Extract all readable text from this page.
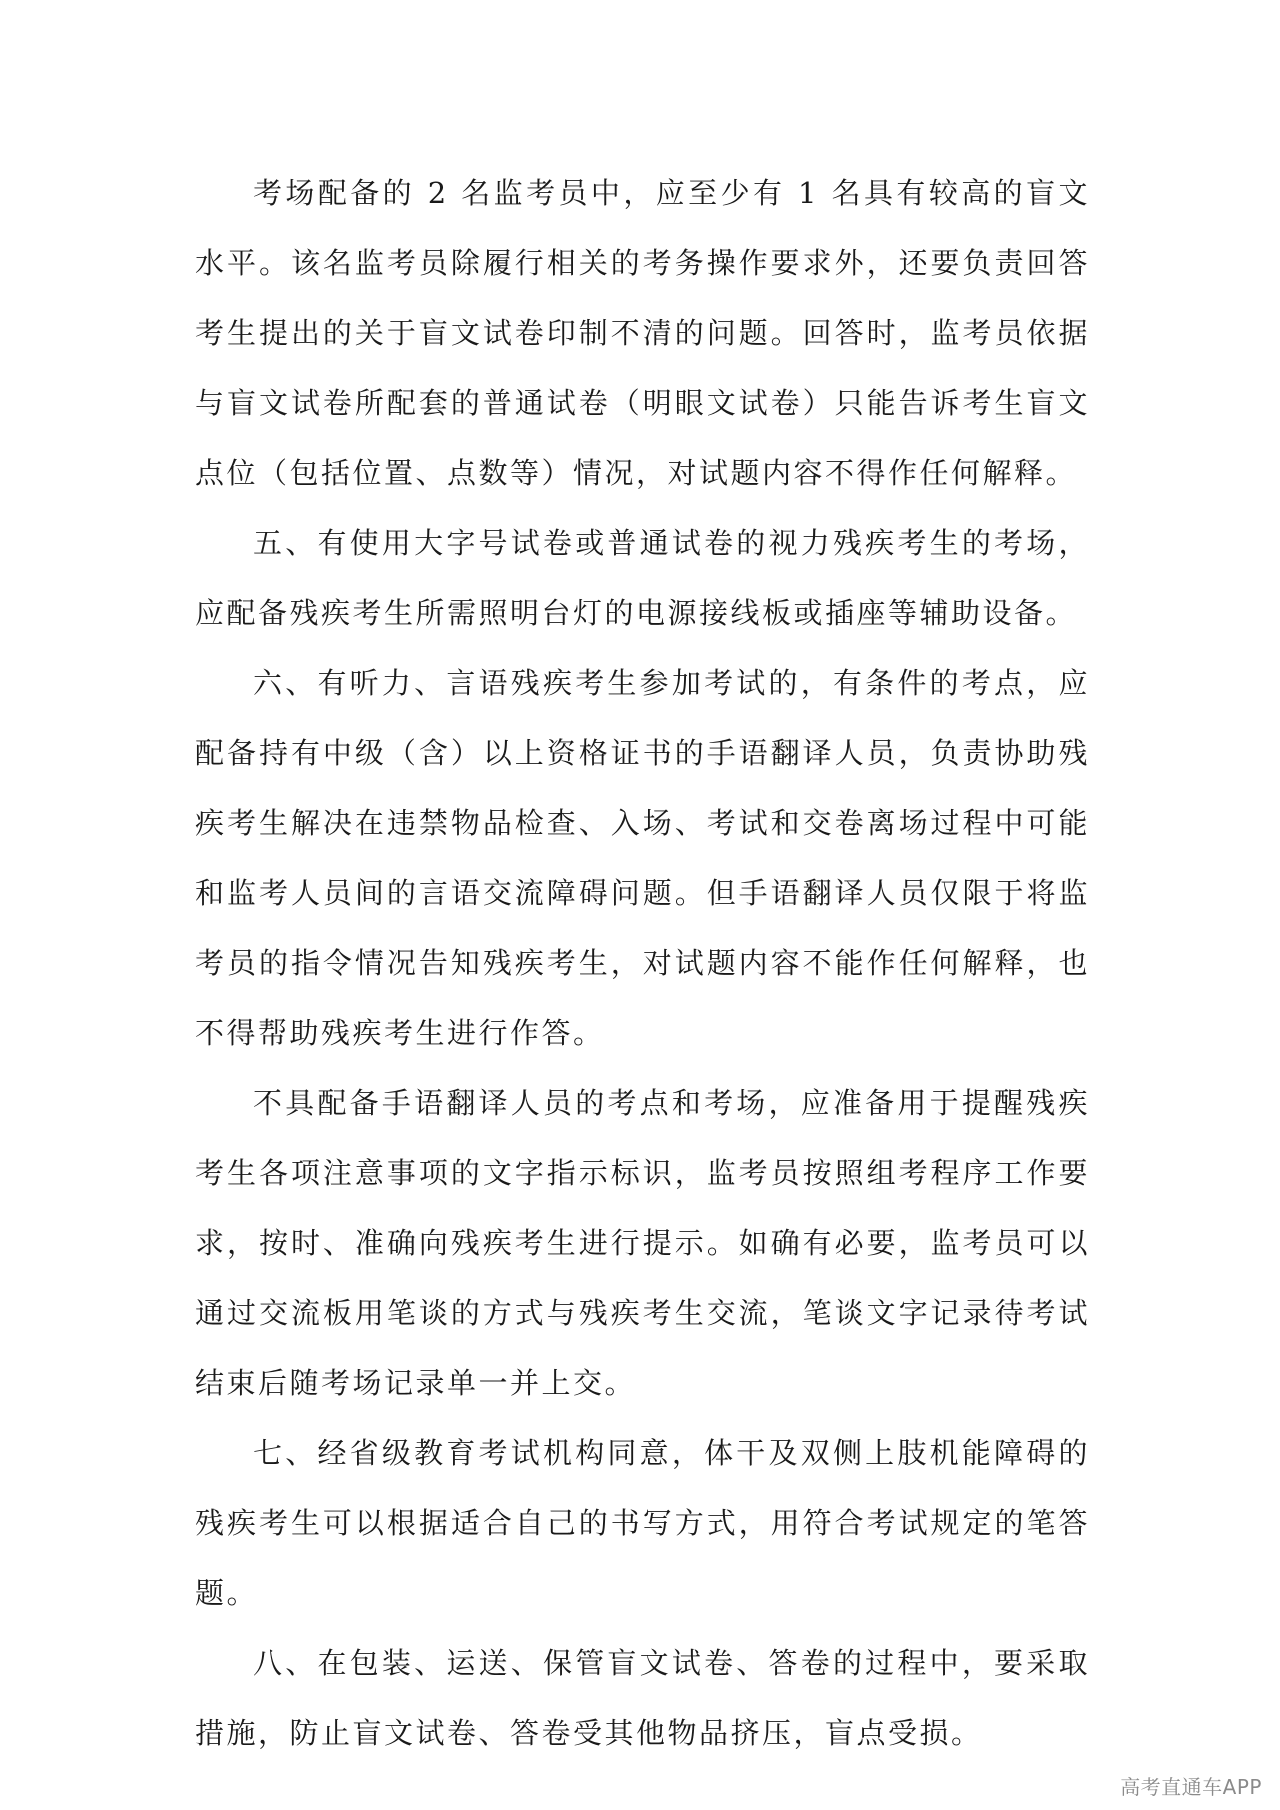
考场配备的 2 名监考员中，应至少有 1 名具有较高的盲文水平。该名监考员除履行相关的考务操作要求外，还要负责回答考生提出的关于盲文试卷印制不清的问题。回答时，监考员依据与盲文试卷所配套的普通试卷（明眼文试卷）只能告诉考生盲文点位（包括位置、点数等）情况，对试题内容不得作任何解释。

五、有使用大字号试卷或普通试卷的视力残疾考生的考场，应配备残疾考生所需照明台灯的电源接线板或插座等辅助设备。

六、有听力、言语残疾考生参加考试的，有条件的考点，应配备持有中级（含）以上资格证书的手语翻译人员，负责协助残疾考生解决在违禁物品检查、入场、考试和交卷离场过程中可能和监考人员间的言语交流障碍问题。但手语翻译人员仅限于将监考员的指令情况告知残疾考生，对试题内容不能作任何解释，也不得帮助残疾考生进行作答。

不具配备手语翻译人员的考点和考场，应准备用于提醒残疾考生各项注意事项的文字指示标识，监考员按照组考程序工作要求，按时、准确向残疾考生进行提示。如确有必要，监考员可以通过交流板用笔谈的方式与残疾考生交流，笔谈文字记录待考试结束后随考场记录单一并上交。

七、经省级教育考试机构同意，体干及双侧上肢机能障碍的残疾考生可以根据适合自己的书写方式，用符合考试规定的笔答题。

八、在包装、运送、保管盲文试卷、答卷的过程中，要采取措施，防止盲文试卷、答卷受其他物品挤压，盲点受损。

高考直通车APP
